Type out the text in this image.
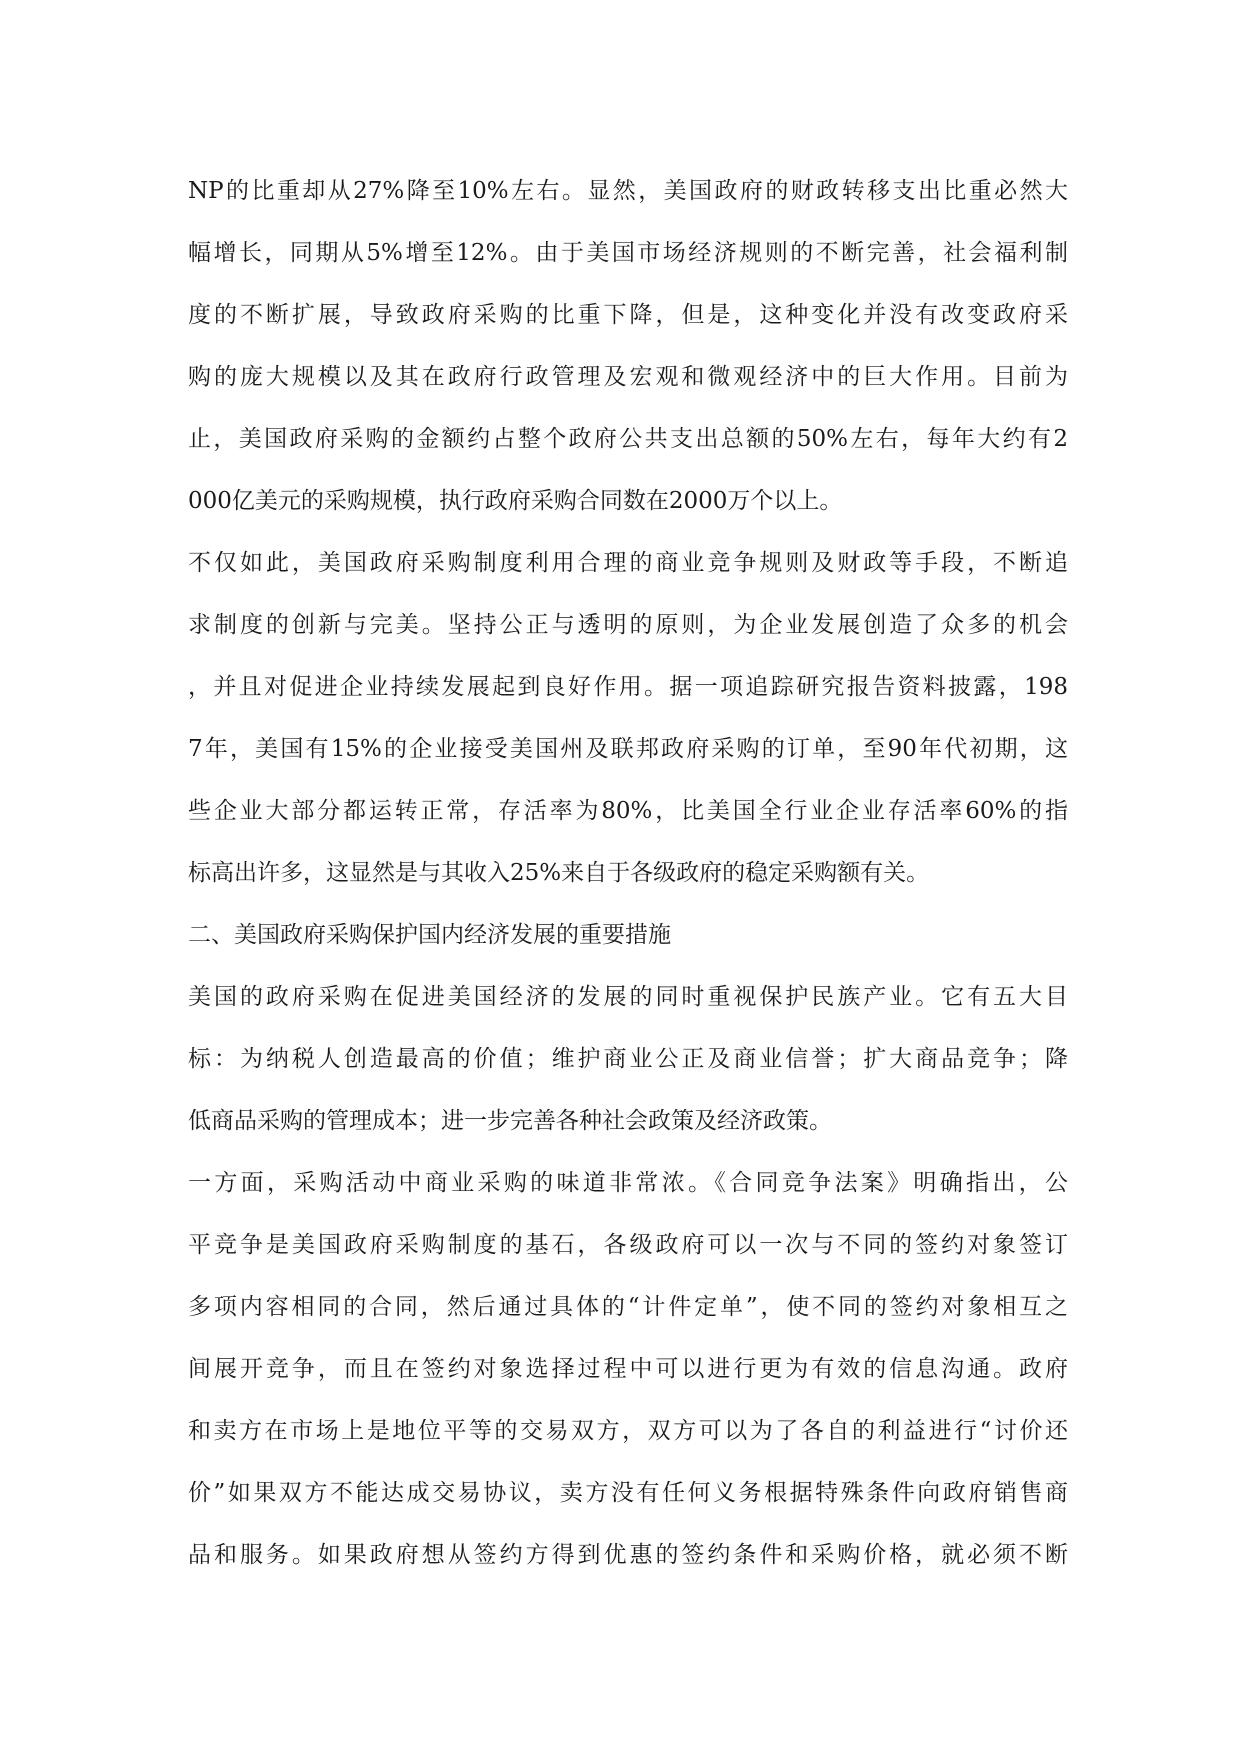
NP的比重却从27%降至10%左右。显然，美国政府的财政转移支出比重必然大
幅增长，同期从5%增至12%。由于美国市场经济规则的不断完善，社会福利制
度的不断扩展，导致政府采购的比重下降，但是，这种变化并没有改变政府采
购的庞大规模以及其在政府行政管理及宏观和微观经济中的巨大作用。目前为
止，美国政府采购的金额约占整个政府公共支出总额的50%左右，每年大约有2
000亿美元的采购规模，执行政府采购合同数在2000万个以上。
不仅如此，美国政府采购制度利用合理的商业竞争规则及财政等手段，不断追
求制度的创新与完美。坚持公正与透明的原则，为企业发展创造了众多的机会
，并且对促进企业持续发展起到良好作用。据一项追踪研究报告资料披露，198
7年，美国有15%的企业接受美国州及联邦政府采购的订单，至90年代初期，这
些企业大部分都运转正常，存活率为80%，比美国全行业企业存活率60%的指
标高出许多，这显然是与其收入25%来自于各级政府的稳定采购额有关。
二、美国政府采购保护国内经济发展的重要措施
美国的政府采购在促进美国经济的发展的同时重视保护民族产业。它有五大目
标：为纳税人创造最高的价值；维护商业公正及商业信誉；扩大商品竞争；降
低商品采购的管理成本；进一步完善各种社会政策及经济政策。
一方面，采购活动中商业采购的味道非常浓。《合同竞争法案》明确指出，公
平竞争是美国政府采购制度的基石，各级政府可以一次与不同的签约对象签订
多项内容相同的合同，然后通过具体的“计件定单”，使不同的签约对象相互之
间展开竞争，而且在签约对象选择过程中可以进行更为有效的信息沟通。政府
和卖方在市场上是地位平等的交易双方，双方可以为了各自的利益进行“讨价还
价”如果双方不能达成交易协议，卖方没有任何义务根据特殊条件向政府销售商
品和服务。如果政府想从签约方得到优惠的签约条件和采购价格，就必须不断
